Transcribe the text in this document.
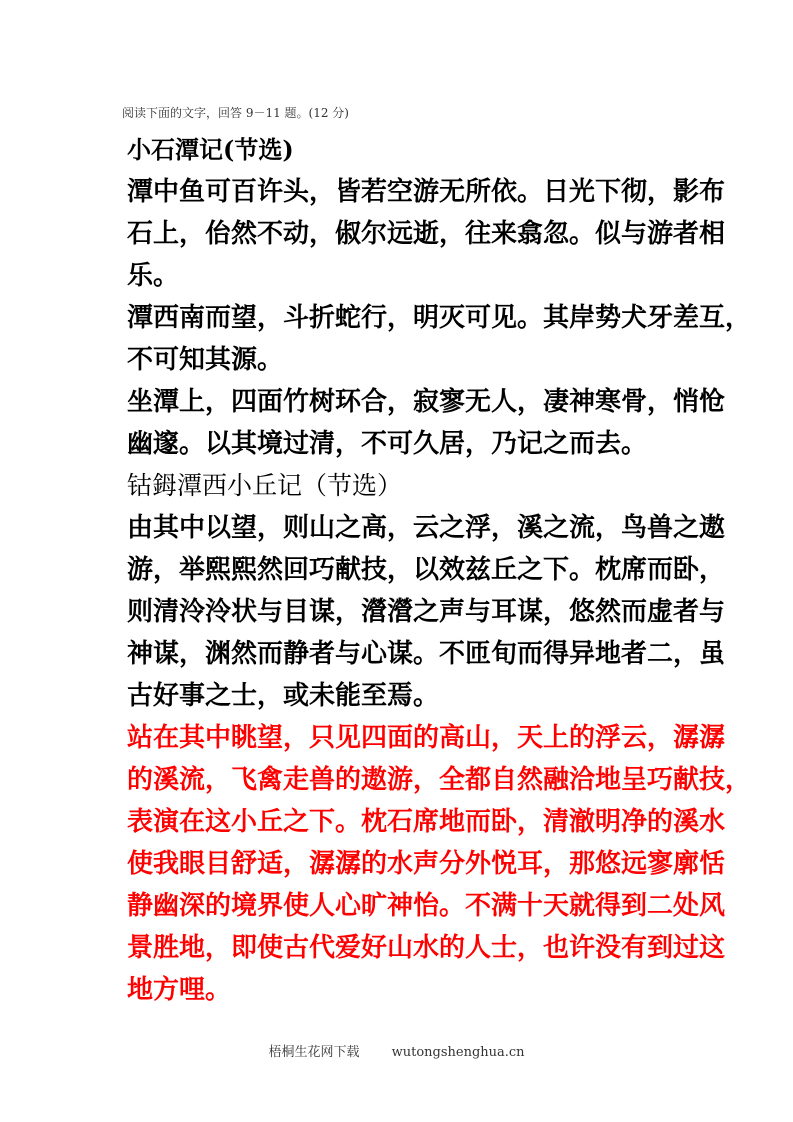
阅读下面的文字，回答 9－11 题。(12 分)
小石潭记(节选)
潭中鱼可百许头，皆若空游无所依。日光下彻，影布
石上，佁然不动，俶尔远逝，往来翕忽。似与游者相
乐。
潭西南而望，斗折蛇行，明灭可见。其岸势犬牙差互，
不可知其源。
坐潭上，四面竹树环合，寂寥无人，凄神寒骨，悄怆
幽邃。以其境过清，不可久居，乃记之而去。
钴鉧潭西小丘记（节选）
由其中以望，则山之高，云之浮，溪之流，鸟兽之遨
游，举熙熙然回巧献技，以效兹丘之下。枕席而卧，
则清泠泠状与目谋，瀯瀯之声与耳谋，悠然而虚者与
神谋，渊然而静者与心谋。不匝旬而得异地者二，虽
古好事之士，或未能至焉。
站在其中眺望，只见四面的高山，天上的浮云，潺潺
的溪流，飞禽走兽的遨游，全都自然融洽地呈巧献技，
表演在这小丘之下。枕石席地而卧，清澈明净的溪水
使我眼目舒适，潺潺的水声分外悦耳，那悠远寥廓恬
静幽深的境界使人心旷神怡。不满十天就得到二处风
景胜地，即使古代爱好山水的人士，也许没有到过这
地方哩。
梧桐生花网下载 wutongshenghua.cn
